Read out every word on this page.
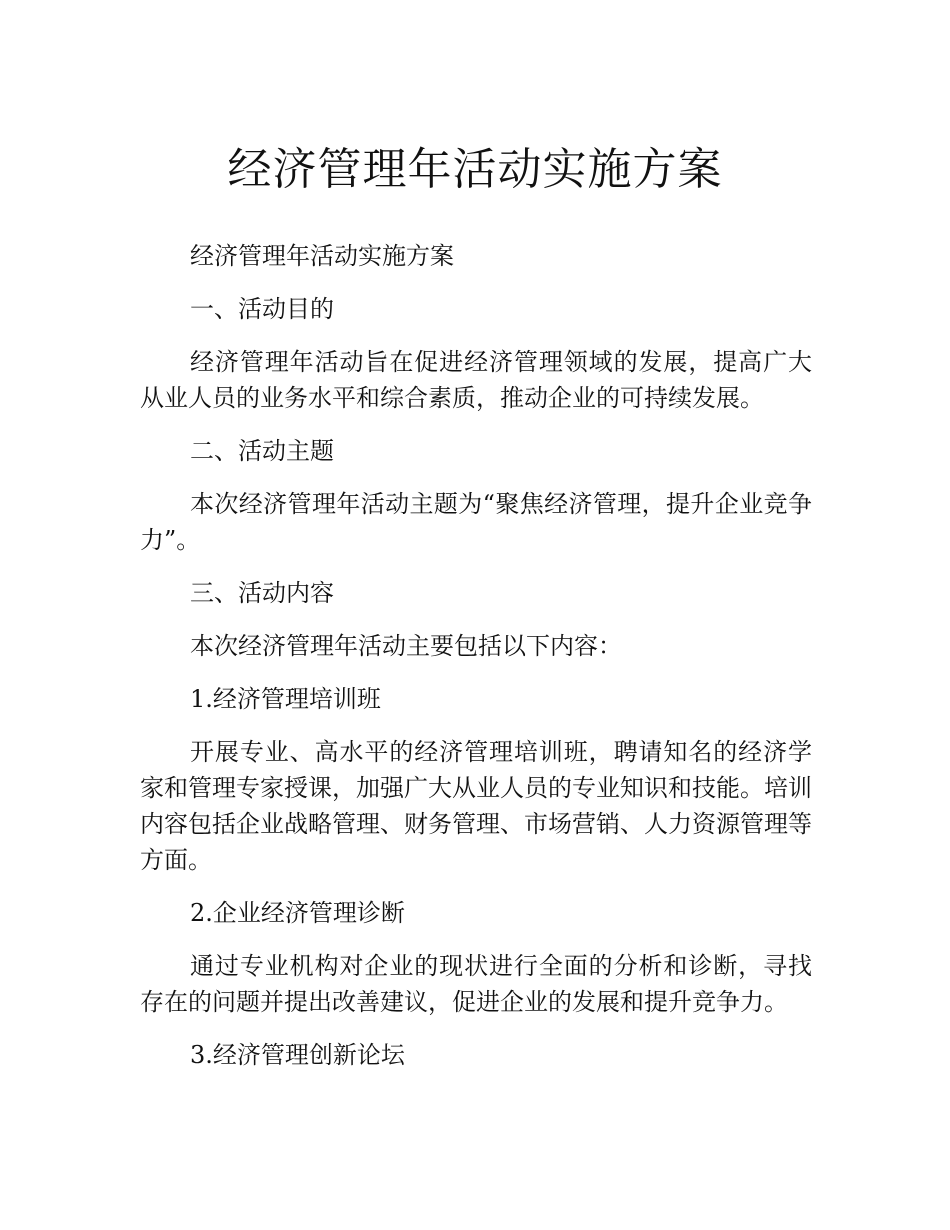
经济管理年活动实施方案

经济管理年活动实施方案

一、活动目的

经济管理年活动旨在促进经济管理领域的发展，提高广大从业人员的业务水平和综合素质，推动企业的可持续发展。

二、活动主题

本次经济管理年活动主题为“聚焦经济管理，提升企业竞争力”。

三、活动内容

本次经济管理年活动主要包括以下内容：

1.经济管理培训班

开展专业、高水平的经济管理培训班，聘请知名的经济学家和管理专家授课，加强广大从业人员的专业知识和技能。培训内容包括企业战略管理、财务管理、市场营销、人力资源管理等方面。

2.企业经济管理诊断

通过专业机构对企业的现状进行全面的分析和诊断，寻找存在的问题并提出改善建议，促进企业的发展和提升竞争力。

3.经济管理创新论坛
